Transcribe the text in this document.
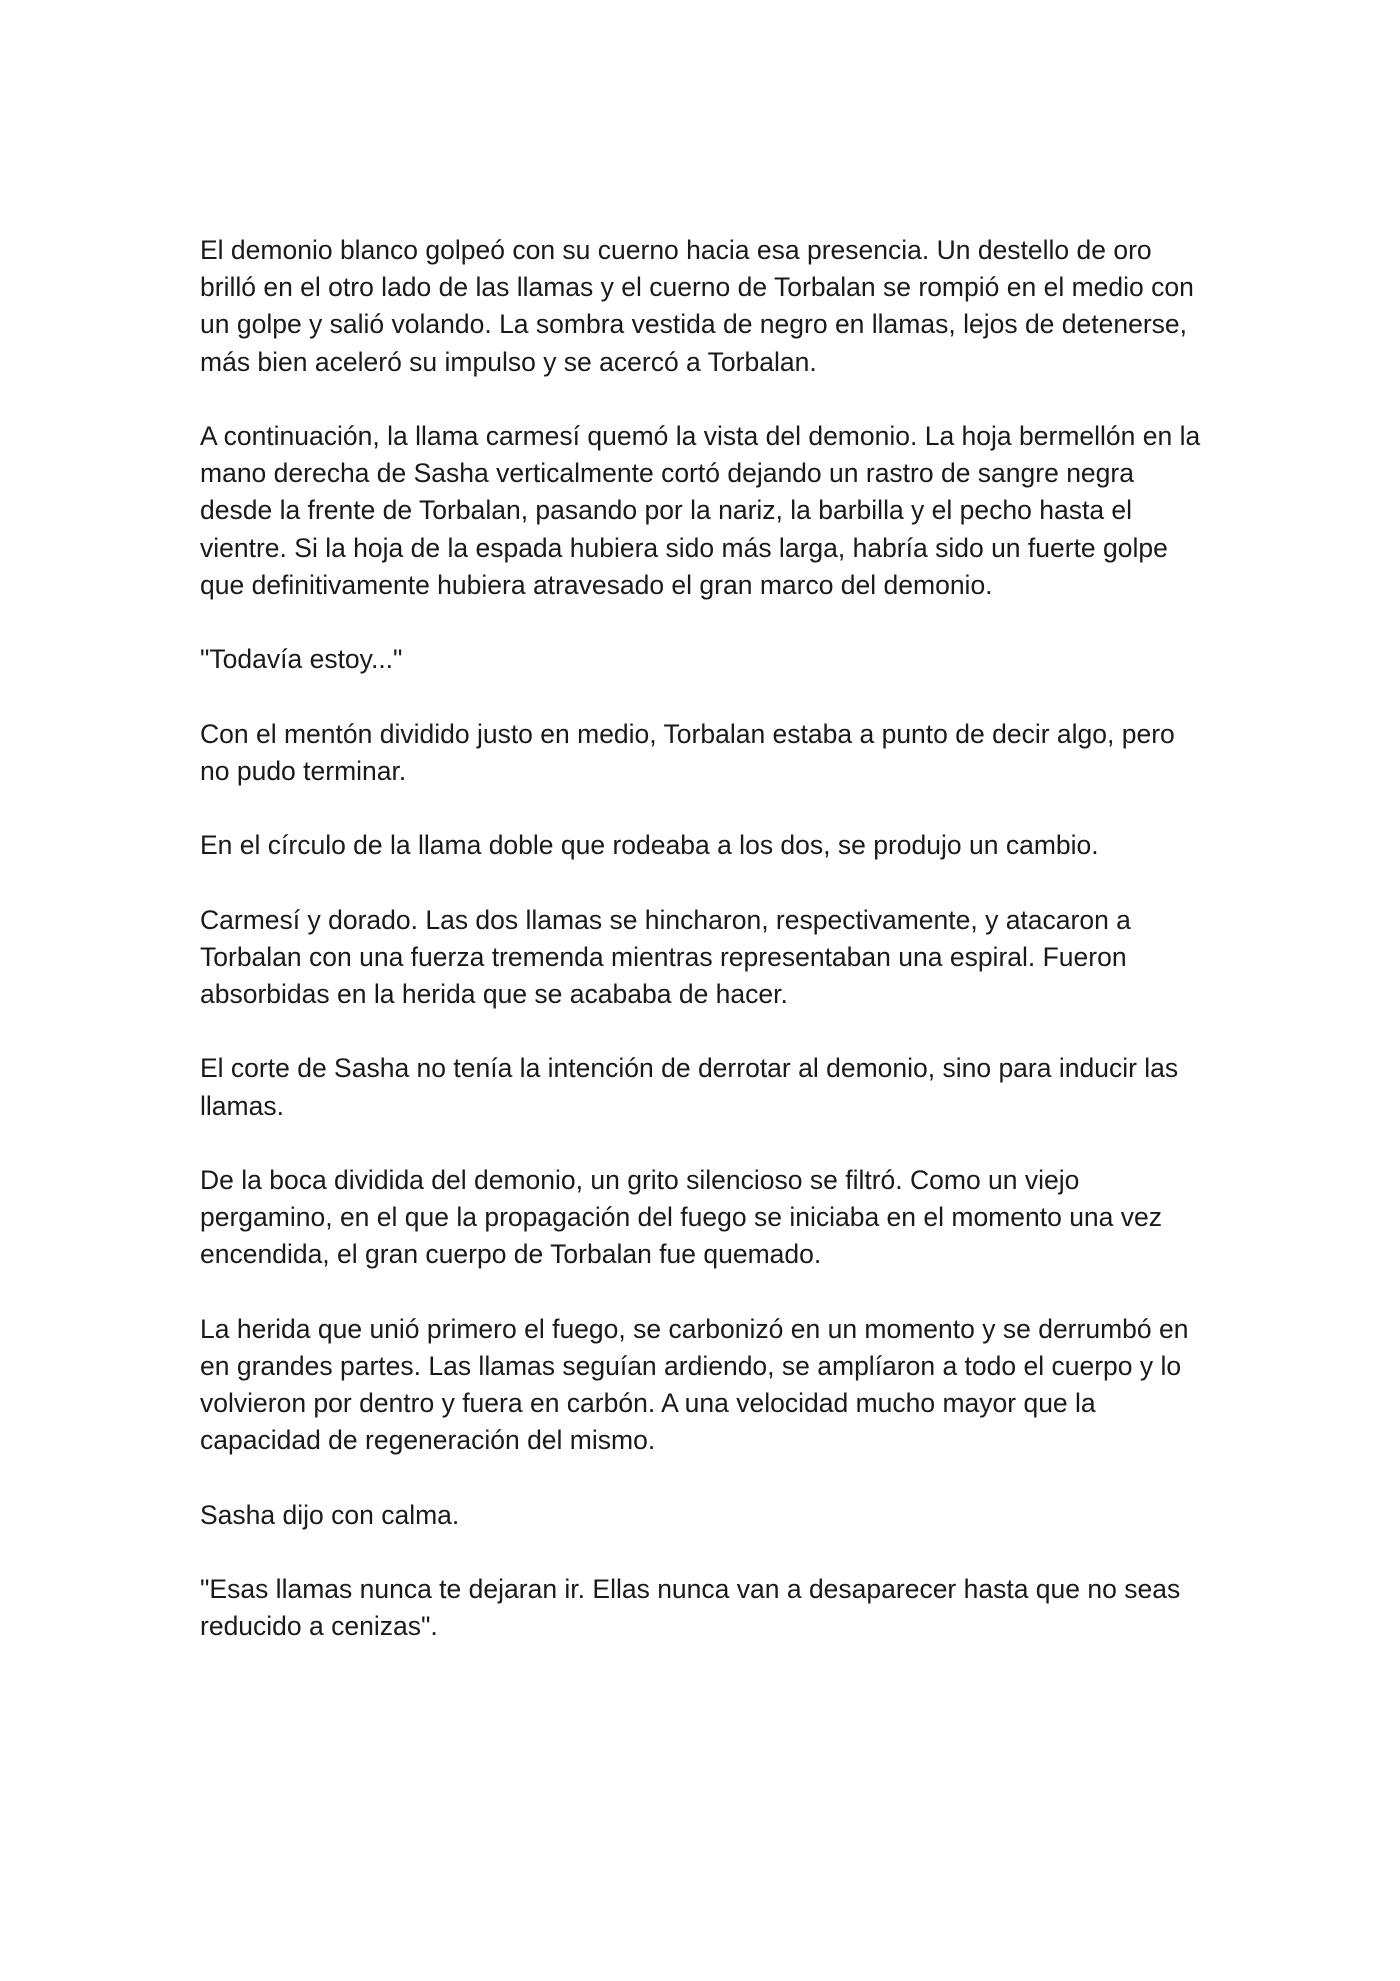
El demonio blanco golpeó con su cuerno hacia esa presencia. Un destello de oro brilló en el otro lado de las llamas y el cuerno de Torbalan se rompió en el medio con un golpe y salió volando. La sombra vestida de negro en llamas, lejos de detenerse, más bien aceleró su impulso y se acercó a Torbalan.

A continuación, la llama carmesí quemó la vista del demonio. La hoja bermellón en la mano derecha de Sasha verticalmente cortó dejando un rastro de sangre negra desde la frente de Torbalan, pasando por la nariz, la barbilla y el pecho hasta el vientre. Si la hoja de la espada hubiera sido más larga, habría sido un fuerte golpe que definitivamente hubiera atravesado el gran marco del demonio.

"Todavía estoy..."

Con el mentón dividido justo en medio, Torbalan estaba a punto de decir algo, pero no pudo terminar.

En el círculo de la llama doble que rodeaba a los dos, se produjo un cambio.

Carmesí y dorado. Las dos llamas se hincharon, respectivamente, y atacaron a Torbalan con una fuerza tremenda mientras representaban una espiral. Fueron absorbidas en la herida que se acababa de hacer.

El corte de Sasha no tenía la intención de derrotar al demonio, sino para inducir las llamas.

De la boca dividida del demonio, un grito silencioso se filtró. Como un viejo pergamino, en el que la propagación del fuego se iniciaba en el momento una vez encendida, el gran cuerpo de Torbalan fue quemado.

La herida que unió primero el fuego, se carbonizó en un momento y se derrumbó en en grandes partes. Las llamas seguían ardiendo, se amplíaron a todo el cuerpo y lo volvieron por dentro y fuera en carbón. A una velocidad mucho mayor que la capacidad de regeneración del mismo.

Sasha dijo con calma.

"Esas llamas nunca te dejaran ir. Ellas nunca van a desaparecer hasta que no seas reducido a cenizas".
